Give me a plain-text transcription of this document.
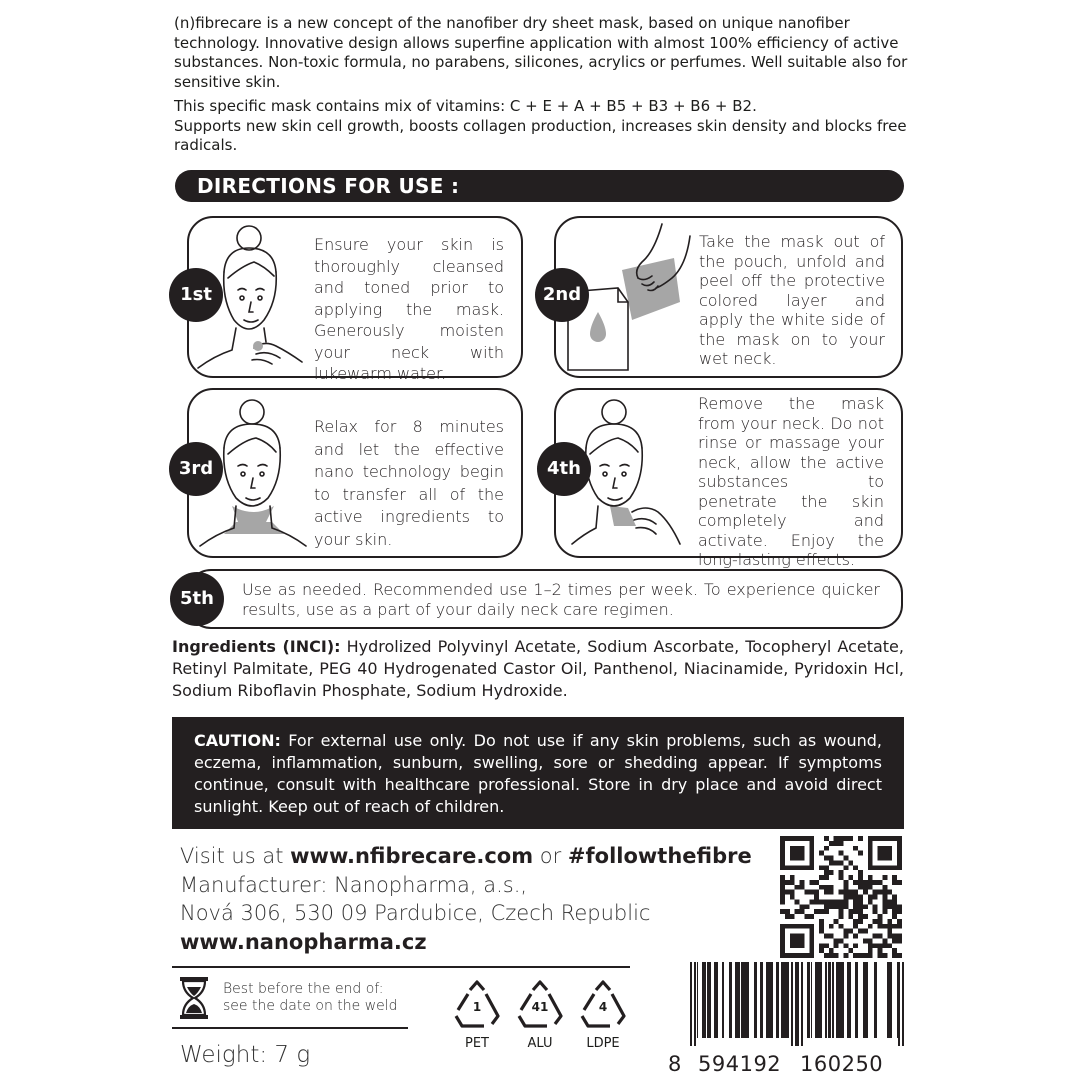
(n)fibrecare is a new concept of the nanofiber dry sheet mask, based on unique nanofiber technology. Innovative design allows superfine application with almost 100% efficiency of active substances. Non-toxic formula, no parabens, silicones, acrylics or perfumes. Well suitable also for sensitive skin.

This specific mask contains mix of vitamins: C + E + A + B5 + B3 + B6 + B2.

Supports new skin cell growth, boosts collagen production, increases skin density and blocks free radicals.

DIRECTIONS FOR USE :
1st
Ensure your skin is thoroughly cleansed and toned prior to applying the mask. Generously moisten your neck with lukewarm water.
2nd
Take the mask out of the pouch, unfold and peel off the protective colored layer and apply the white side of the mask on to your wet neck.
3rd
Relax for 8 minutes and let the effective nano technology begin to transfer all of the active ingredients to your skin.
4th
Remove the mask from your neck. Do not rinse or massage your neck, allow the active substances to penetrate the skin completely and activate. Enjoy the long-lasting effects.
5th	Use as needed. Recommended use 1–2 times per week. To experience quicker results, use as a part of your daily neck care regimen.
Ingredients (INCI): Hydrolized Polyvinyl Acetate, Sodium Ascorbate, Tocopheryl Acetate, Retinyl Palmitate, PEG 40 Hydrogenated Castor Oil, Panthenol, Niacinamide, Pyridoxin Hcl, Sodium Riboflavin Phosphate, Sodium Hydroxide.
CAUTION: For external use only. Do not use if any skin problems, such as wound, eczema, inflammation, sunburn, swelling, sore or shedding appear. If symptoms continue, consult with healthcare professional. Store in dry place and avoid direct sunlight. Keep out of reach of children.
Visit us at www.nfibrecare.com or #followthefibre
Manufacturer: Nanopharma, a.s.,
Nová 306, 530 09 Pardubice, Czech Republic
www.nanopharma.cz
Best before the end of:
see the date on the weld	1
PET
41
ALU
4
LDPE
Weight: 7 g	8 594192 160250
